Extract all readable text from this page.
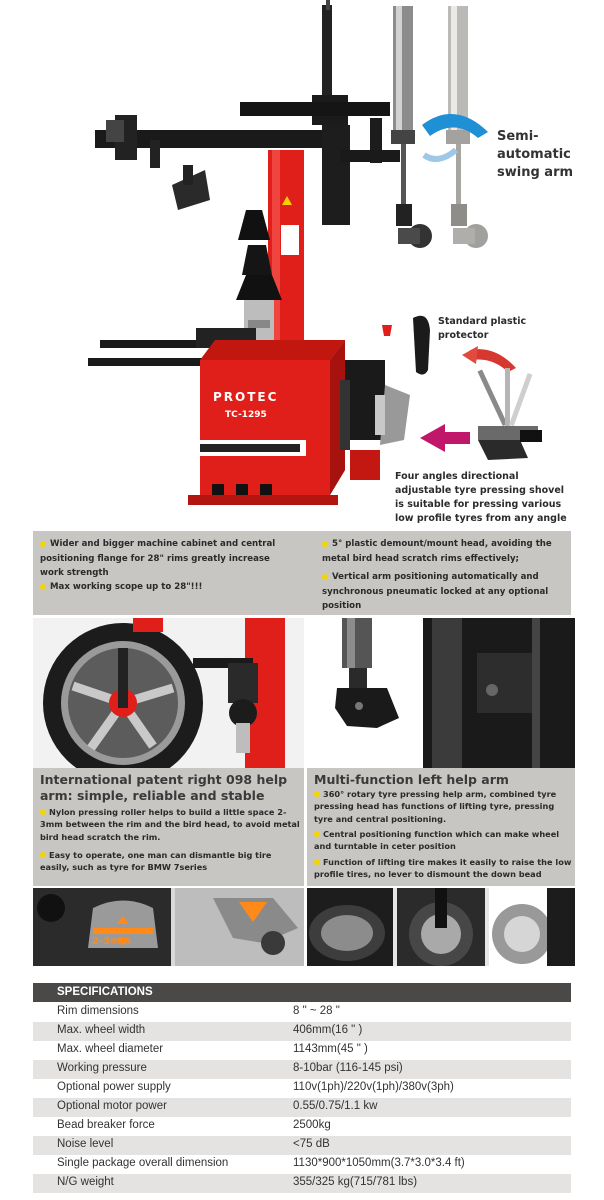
Semi-automatic swing arm
Standard plastic protector
Four angles directional adjustable tyre pressing shovel is suitable for pressing various low profile tyres from any angle
PROTEC
TC-1295
Wider and bigger machine cabinet and central positioning flange for 28" rims greatly increase work strength
Max working scope up to 28"!!!
5° plastic demount/mount head, avoiding the metal bird head scratch rims effectively;
Vertical arm positioning automatically and synchronous pneumatic locked at any optional position
International patent right 098 help arm: simple, reliable and stable
Nylon pressing roller helps to build a little space 2-3mm between the rim and the bird head, to avoid metal bird head scratch the rim.
Easy to operate, one man can dismantle big tire easily, such as tyre for BMW 7series
Multi-function left help arm
360° rotary tyre pressing help arm, combined tyre pressing head has functions of lifting tyre, pressing tyre and central positioning.
Central positioning function which can make wheel and turntable in ceter position
Function of lifting tire makes it easily to raise the low profile tires, no lever to dismount the down bead
2-3mm
SPECIFICATIONS
Rim dimensions	8 " ~ 28 "
Max. wheel width	406mm(16 " )
Max. wheel diameter	1143mm(45 " )
Working pressure	8-10bar (116-145 psi)
Optional power supply	110v(1ph)/220v(1ph)/380v(3ph)
Optional motor power	0.55/0.75/1.1 kw
Bead breaker force	2500kg
Noise level	<75 dB
Single package overall dimension	1130*900*1050mm(3.7*3.0*3.4 ft)
N/G weight	355/325 kg(715/781 lbs)
